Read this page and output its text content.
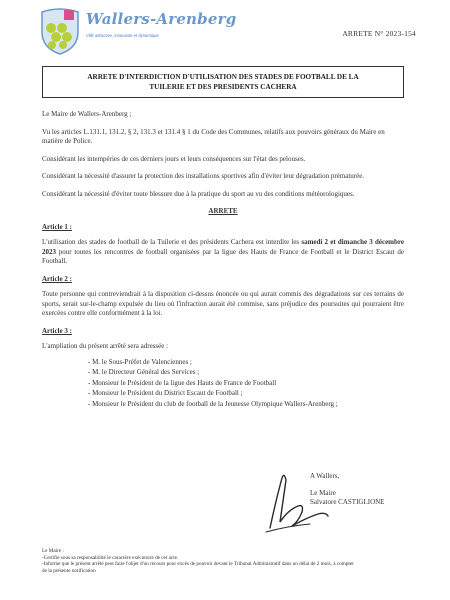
Wallers-Arenberg
Ville attractive, innovante et dynamique	ARRETE N° 2023-154
ARRETE D'INTERDICTION D'UTILISATION DES STADES DE FOOTBALL DE LA
TUILERIE ET DES PRESIDENTS CACHERA

Le Maire de Wallers-Arenberg ;

Vu les articles L.131.1, 131.2, § 2, 131.3 et 131.4 § 1 du Code des Communes, relatifs aux pouvoirs généraux du Maire en matière de Police.

Considérant les intempéries de ces derniers jours et leurs conséquences sur l'état des pelouses.

Considérant la nécessité d'assurer la protection des installations sportives afin d'éviter leur dégradation prématurée.

Considérant la nécessité d'éviter toute blessure due à la pratique du sport au vu des conditions météorologiques.

ARRETE
Article 1 :

L'utilisation des stades de football de la Tuilerie et des présidents Cachera est interdite les samedi 2 et dimanche 3 décembre 2023 pour toutes les rencontres de football organisées par la ligue des Hauts de France de Football et le District Escaut de Football.

Article 2 :

Toute personne qui contreviendrait à la disposition ci-dessus énoncée ou qui aurait commis des dégradations sur ces terrains de sports, serait sur-le-champ expulsée du lieu où l'infraction aurait été commise, sans préjudice des poursuites qui pourraient être exercées contre elle conformément à la loi.

Article 3 :

L'ampliation du présent arrêté sera adressée :

- M. le Sous-Préfet de Valenciennes ;
- M. le Directeur Général des Services ;
- Monsieur le Président de la ligue des Hauts de France de Football
- Monsieur le Président du District Escaut de Football ;
- Monsieur le Président du club de football de la Jeunesse Olympique Wallers-Arenberg ;
A Wallers,
Le Maire
Salvatore CASTIGLIONE
Le Maire :
-Certifie sous sa responsabilité le caractère exécutoire de cet acte.
-Informe que le présent arrêté peut faire l'objet d'un recours pour excès de pouvoir devant le Tribunal Administratif dans un délai de 2 mois, à compter
de la présente notification
